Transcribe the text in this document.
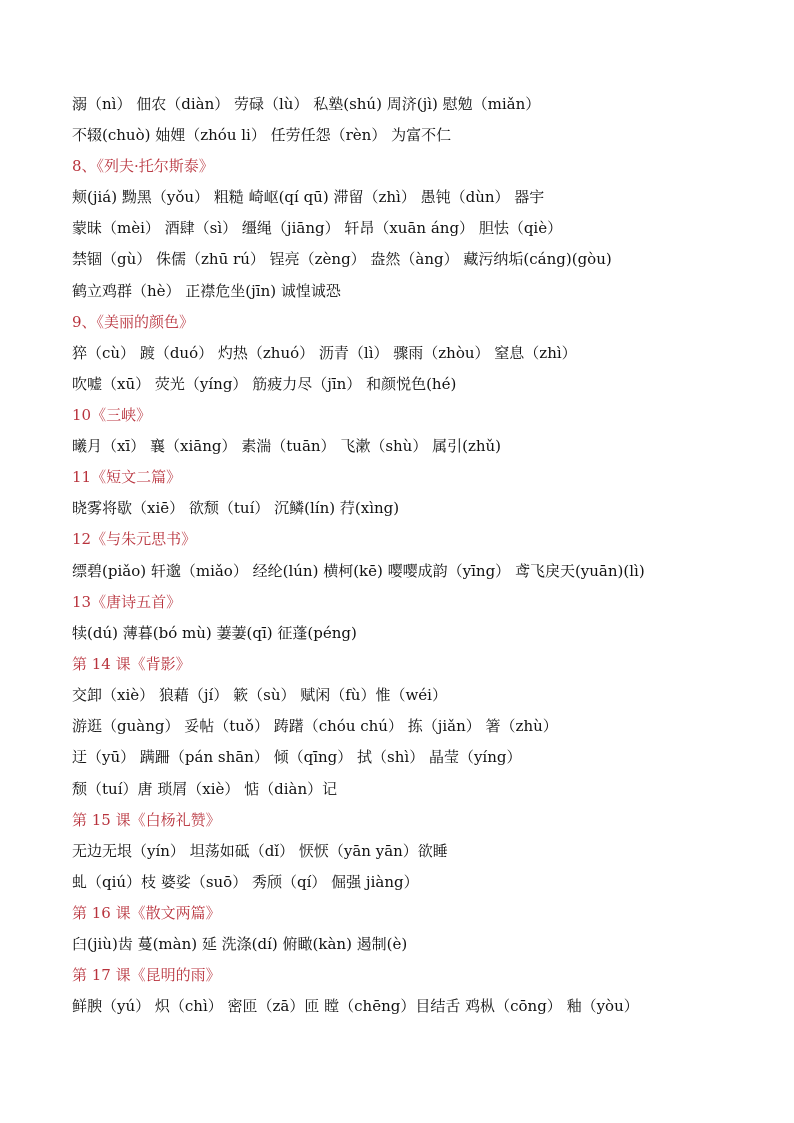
溺（nì） 佃农（diàn） 劳碌（lù） 私塾(shú) 周济(jì) 慰勉（miǎn）
不辍(chuò) 妯娌（zhóu li） 任劳任怨（rèn） 为富不仁
8、《列夫·托尔斯泰》
颊(jiá) 黝黑（yǒu） 粗糙 崎岖(qí qū) 滞留（zhì） 愚钝（dùn） 器宇
蒙昧（mèi） 酒肆（sì） 缰绳（jiāng） 轩昂（xuān áng） 胆怯（qiè）
禁锢（gù） 侏儒（zhū rú） 锃亮（zèng） 盎然（àng） 藏污纳垢(cáng)(gòu)
鹤立鸡群（hè） 正襟危坐(jīn) 诚惶诚恐
9、《美丽的颜色》
猝（cù） 踱（duó） 灼热（zhuó） 沥青（lì） 骤雨（zhòu） 窒息（zhì）
吹嘘（xū） 荧光（yíng） 筋疲力尽（jīn） 和颜悦色(hé)
10《三峡》
曦月（xī） 襄（xiāng） 素湍（tuān） 飞漱（shù） 属引(zhǔ)
11《短文二篇》
晓雾将歇（xiē） 欲颓（tuí） 沉鳞(lín) 荇(xìng)
12《与朱元思书》
缥碧(piǎo) 轩邈（miǎo） 经纶(lún) 横柯(kē) 嘤嘤成韵（yīng） 鸢飞戾天(yuān)(lì)
13《唐诗五首》
犊(dú) 薄暮(bó mù) 萋萋(qī) 征蓬(péng)
第 14 课《背影》
交卸（xiè） 狼藉（jí） 簌（sù） 赋闲（fù）惟（wéi）
游逛（guàng） 妥帖（tuǒ） 踌躇（chóu chú） 拣（jiǎn） 箸（zhù）
迂（yū） 蹒跚（pán shān） 倾（qīng） 拭（shì） 晶莹（yíng）
颓（tuí）唐 琐屑（xiè） 惦（diàn）记
第 15 课《白杨礼赞》
无边无垠（yín） 坦荡如砥（dǐ） 恹恹（yān yān）欲睡
虬（qiú）枝 婆娑（suō） 秀颀（qí） 倔强 jiàng）
第 16 课《散文两篇》
臼(jiù)齿 蔓(màn) 延 洗涤(dí) 俯瞰(kàn) 遏制(è)
第 17 课《昆明的雨》
鲜腴（yú） 炽（chì） 密匝（zā）匝 瞠（chēng）目结舌 鸡枞（cōng） 釉（yòu）
